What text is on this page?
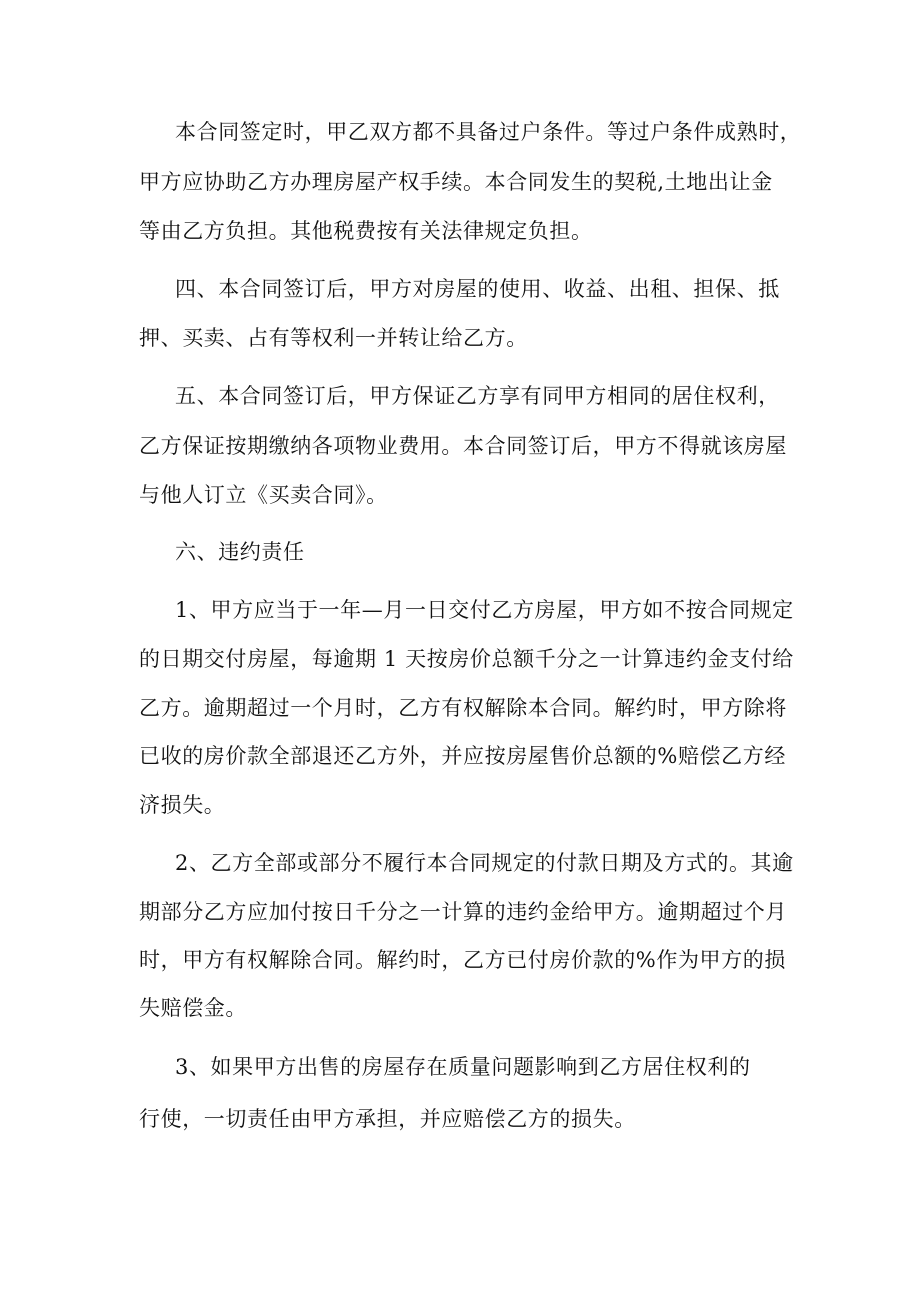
本合同签定时，甲乙双方都不具备过户条件。等过户条件成熟时，

甲方应协助乙方办理房屋产权手续。本合同发生的契税,土地出让金

等由乙方负担。其他税费按有关法律规定负担。

四、本合同签订后，甲方对房屋的使用、收益、出租、担保、抵

押、买卖、占有等权利一并转让给乙方。

五、本合同签订后，甲方保证乙方享有同甲方相同的居住权利，

乙方保证按期缴纳各项物业费用。本合同签订后，甲方不得就该房屋

与他人订立《买卖合同》。

六、违约责任

1、甲方应当于一年—月一日交付乙方房屋，甲方如不按合同规定

的日期交付房屋，每逾期 1 天按房价总额千分之一计算违约金支付给

乙方。逾期超过一个月时，乙方有权解除本合同。解约时，甲方除将

已收的房价款全部退还乙方外，并应按房屋售价总额的%赔偿乙方经

济损失。

2、乙方全部或部分不履行本合同规定的付款日期及方式的。其逾

期部分乙方应加付按日千分之一计算的违约金给甲方。逾期超过个月

时，甲方有权解除合同。解约时，乙方已付房价款的%作为甲方的损

失赔偿金。

3、如果甲方出售的房屋存在质量问题影响到乙方居住权利的

行使，一切责任由甲方承担，并应赔偿乙方的损失。
